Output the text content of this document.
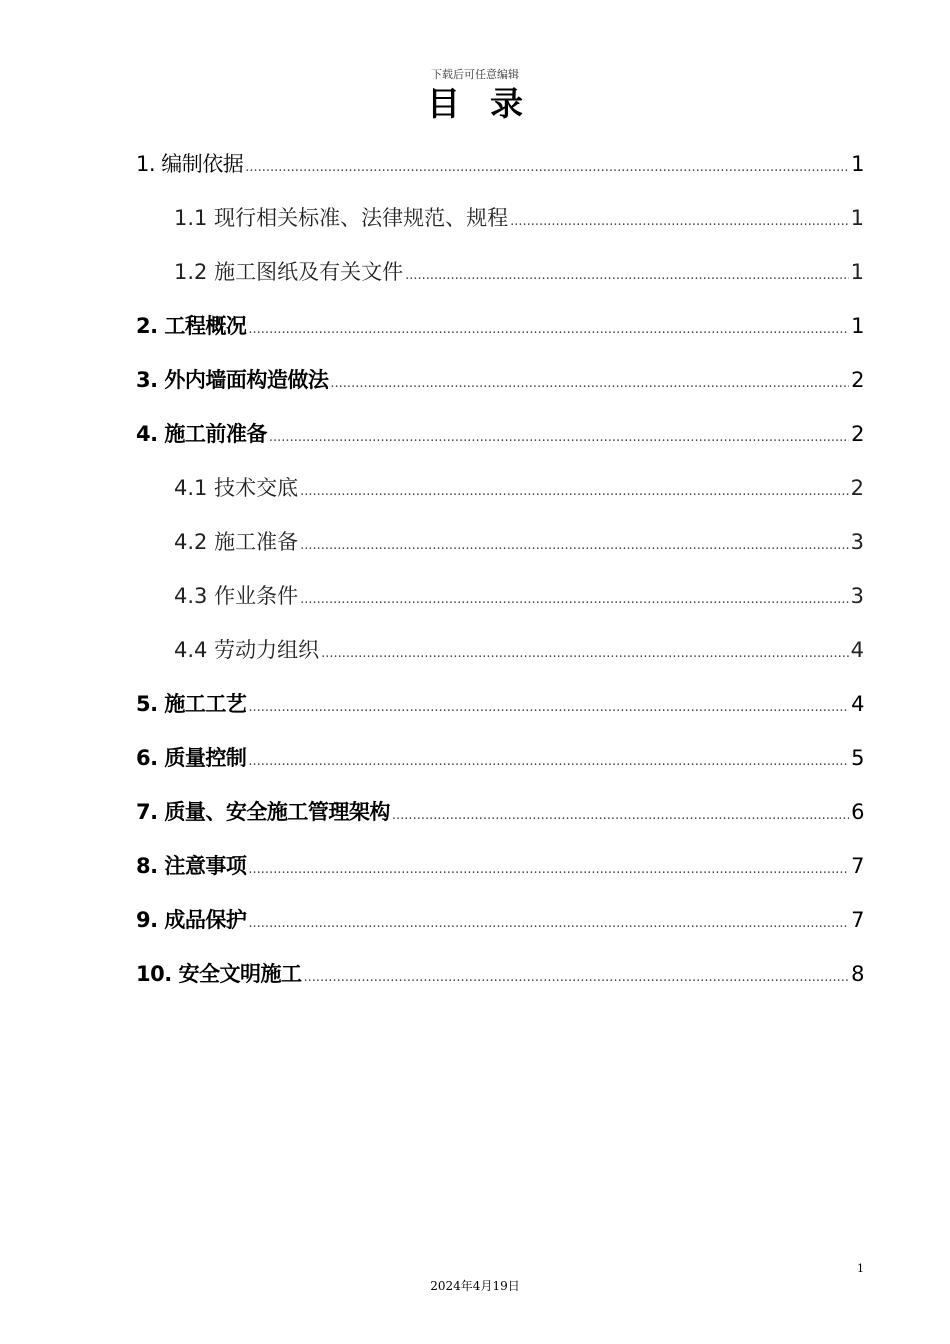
下载后可任意编辑
目录
1. 编制依据 .....	1
1.1 现行相关标准、法律规范、规程 .....	1
1.2 施工图纸及有关文件 .....	1
2. 工程概况 .....	1
3. 外内墙面构造做法 .....	2
4. 施工前准备 .....	2
4.1 技术交底 .....	2
4.2 施工准备 .....	3
4.3 作业条件 .....	3
4.4 劳动力组织 .....	4
5. 施工工艺 .....	4
6. 质量控制 .....	5
7. 质量、安全施工管理架构 .....	6
8. 注意事项 .....	7
9. 成品保护 .....	7
10. 安全文明施工 .....	8
1
2024年4月19日
